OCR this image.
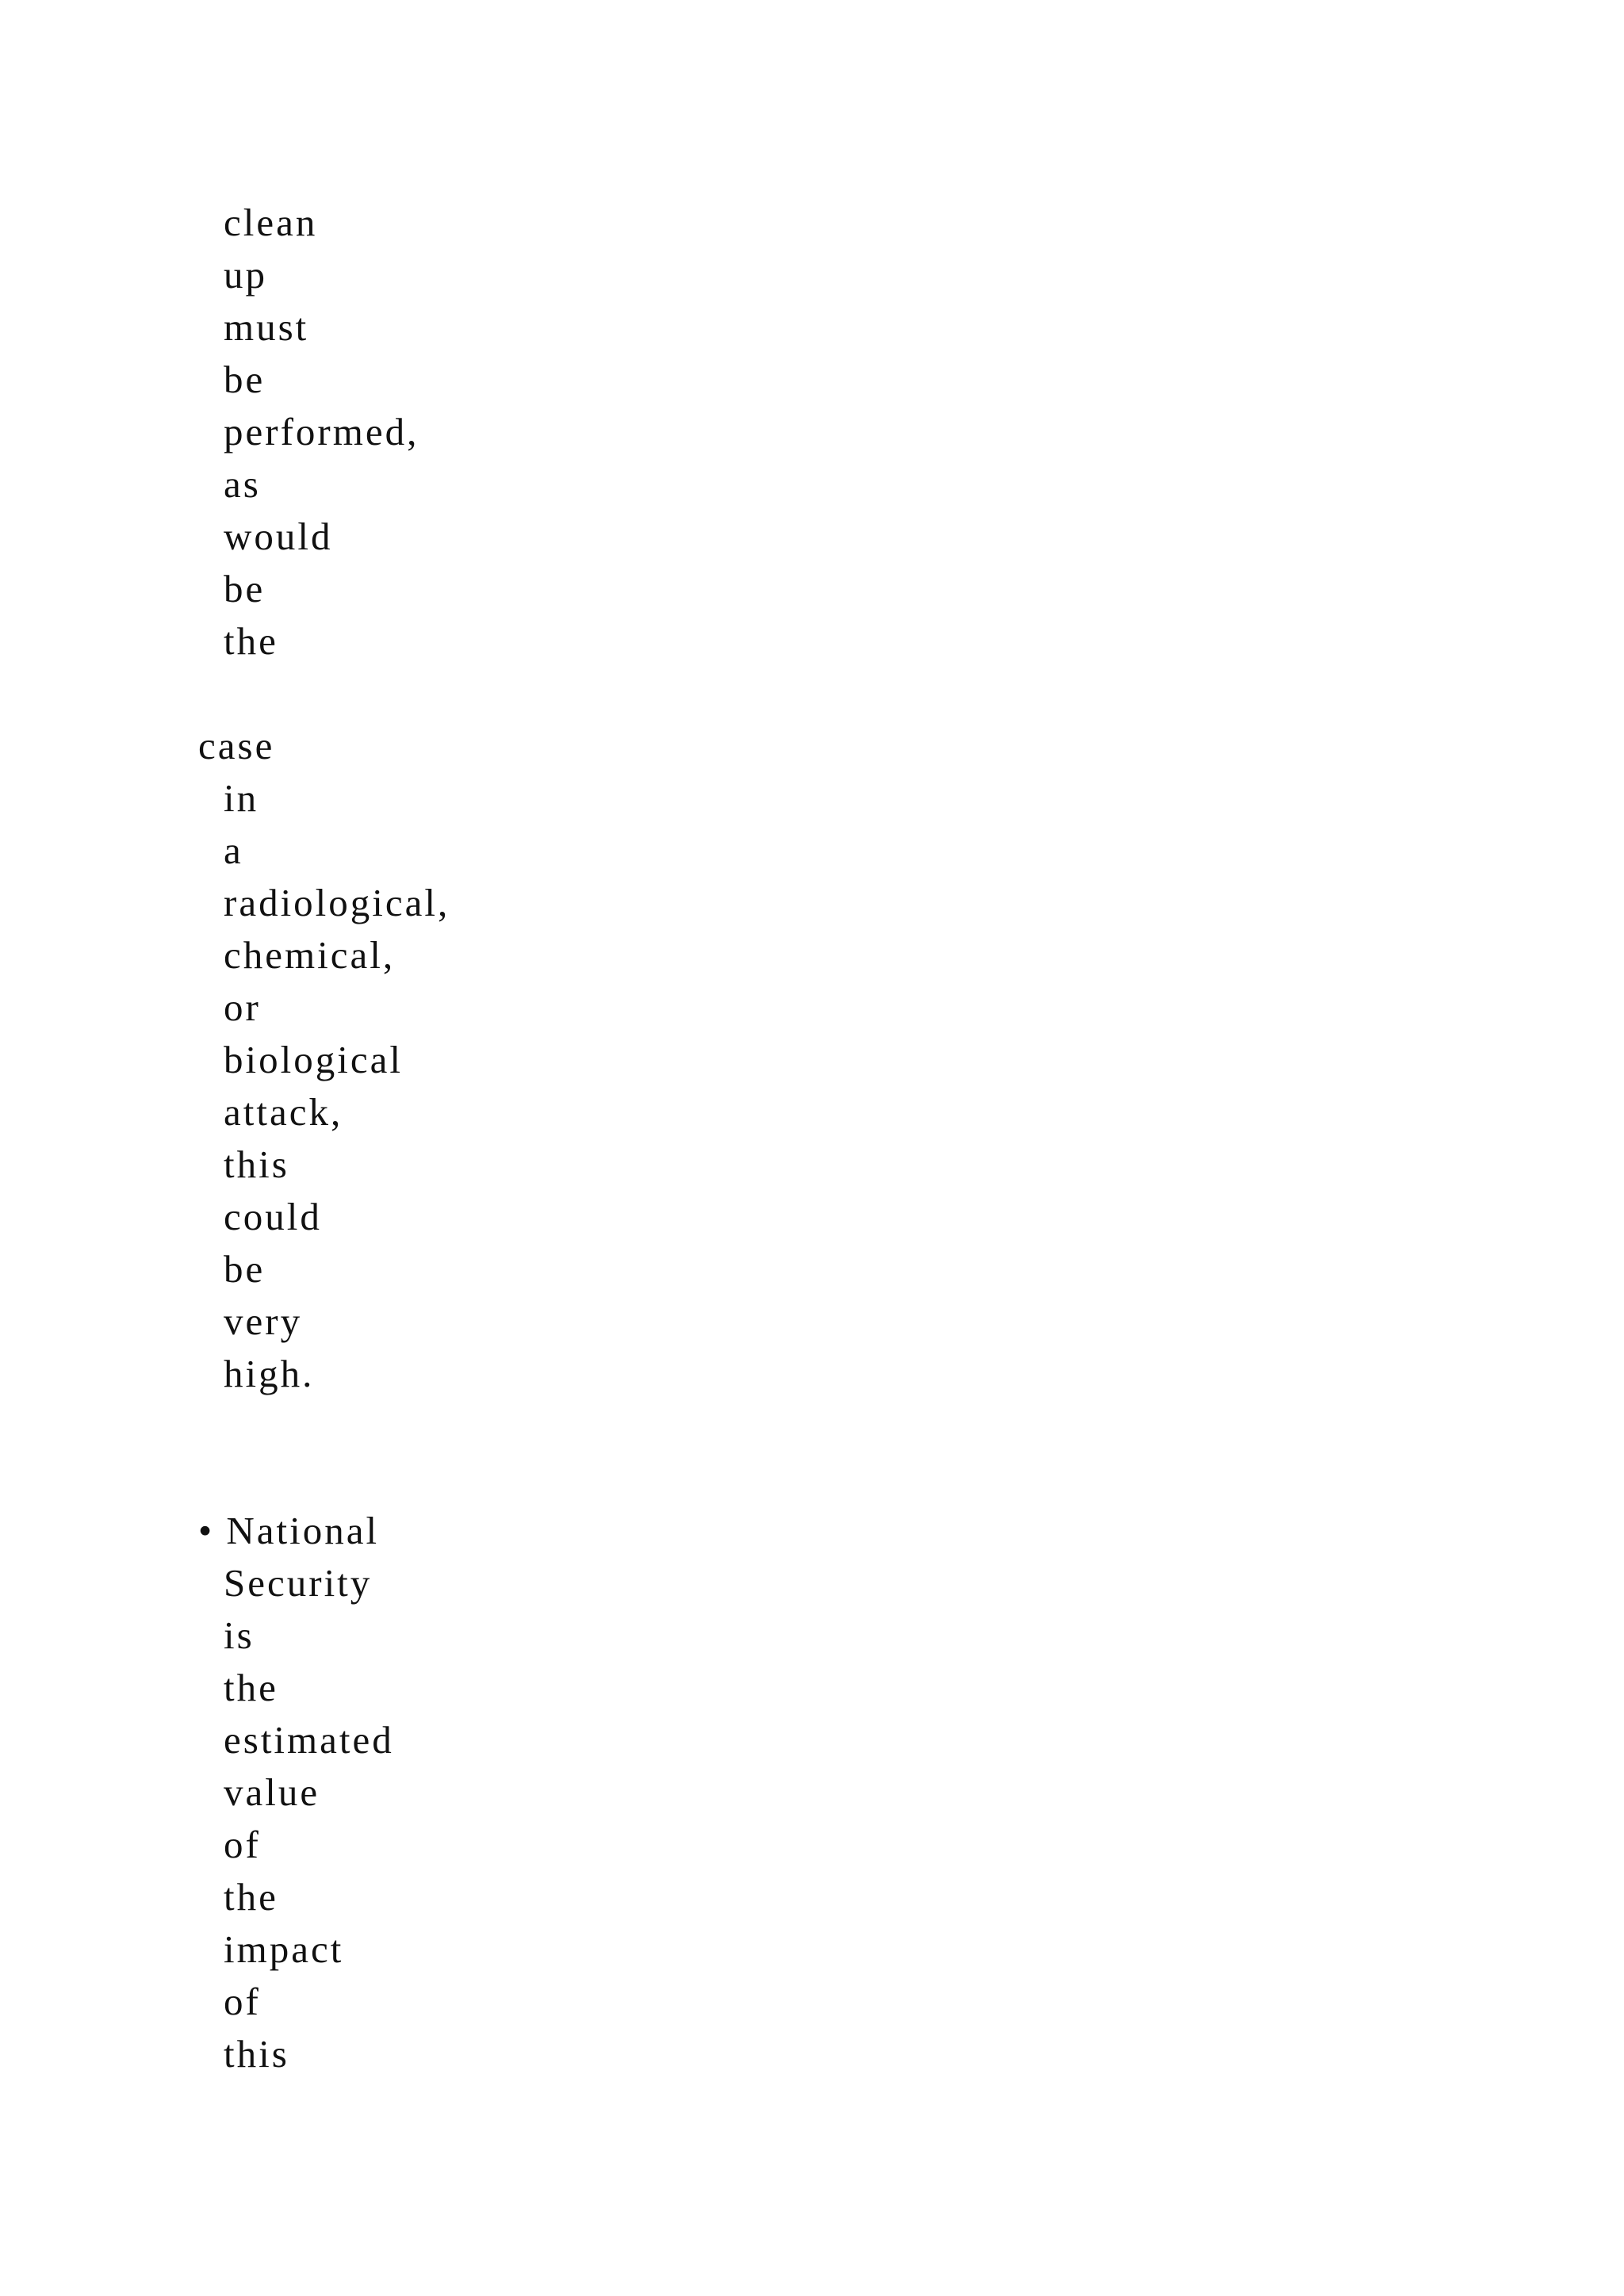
clean
up
must
be
performed,
as
would
be
the
case
in
a
radiological,
chemical,
or
biological
attack,
this
could
be
very
high.
• National
Security
is
the
estimated
value
of
the
impact
of
this
